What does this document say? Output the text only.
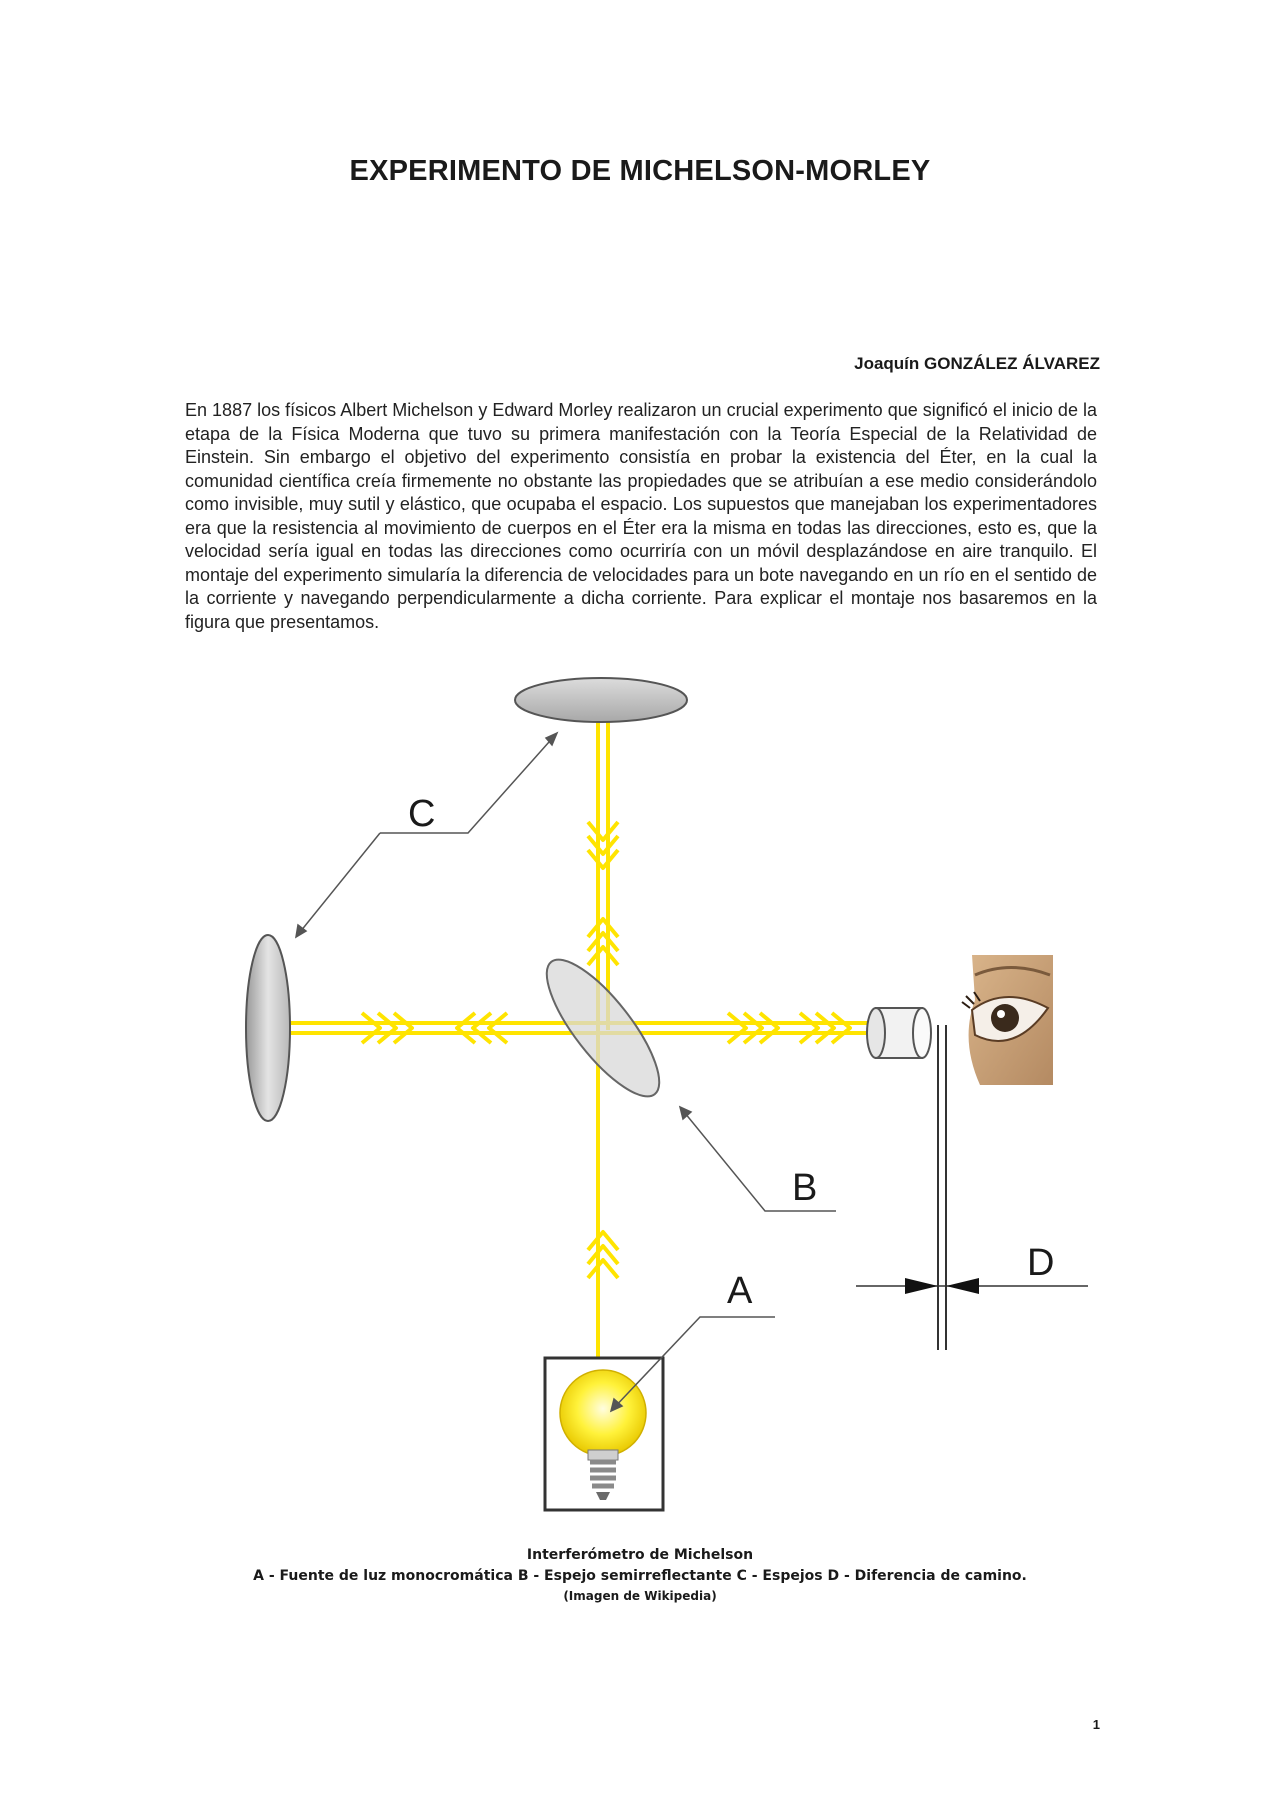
EXPERIMENTO DE MICHELSON-MORLEY
Joaquín GONZÁLEZ ÁLVAREZ

En 1887 los físicos Albert Michelson y Edward Morley realizaron un crucial experimento que significó el inicio de la etapa de la Física Moderna que tuvo su primera manifestación con la Teoría Especial de la Relatividad de Einstein. Sin embargo el objetivo del experimento consistía en probar la existencia del Éter, en la cual la comunidad científica creía firmemente no obstante las propiedades que se atribuían a ese medio considerándolo como invisible, muy sutil y elástico, que ocupaba el espacio. Los supuestos que manejaban los experimentadores era que la resistencia al movimiento de cuerpos en el Éter era la misma en todas las direcciones, esto es, que la velocidad sería igual en todas las direcciones como ocurriría con un móvil desplazándose en aire tranquilo. El montaje del experimento simularía la diferencia de velocidades para un bote navegando en un río en el sentido de la corriente y navegando perpendicularmente a dicha corriente. Para explicar el montaje nos basaremos en la figura que presentamos.

C
B
A
D
Interferómetro de Michelson
A - Fuente de luz monocromática B - Espejo semirreflectante C - Espejos D - Diferencia de camino.
(Imagen de Wikipedia)
1
